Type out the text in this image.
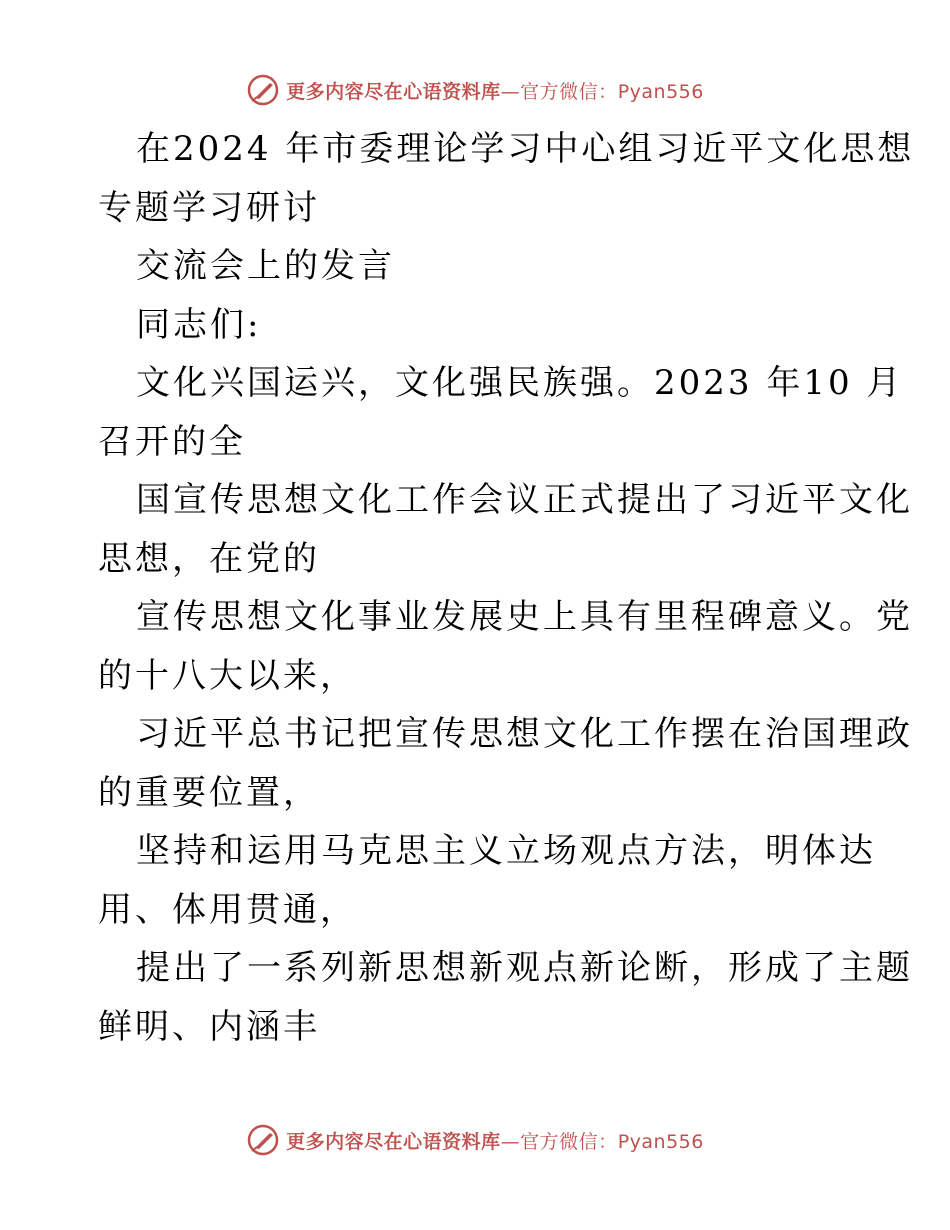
更多内容尽在心语资料库—官方微信：Pyan556
在2024 年市委理论学习中心组习近平文化思想
专题学习研讨
交流会上的发言
同志们:
文化兴国运兴，文化强民族强。2023 年10 月
召开的全
国宣传思想文化工作会议正式提出了习近平文化
思想，在党的
宣传思想文化事业发展史上具有里程碑意义。党
的十八大以来，
习近平总书记把宣传思想文化工作摆在治国理政
的重要位置，
坚持和运用马克思主义立场观点方法，明体达
用、体用贯通，
提出了一系列新思想新观点新论断，形成了主题
鲜明、内涵丰
更多内容尽在心语资料库—官方微信：Pyan556
